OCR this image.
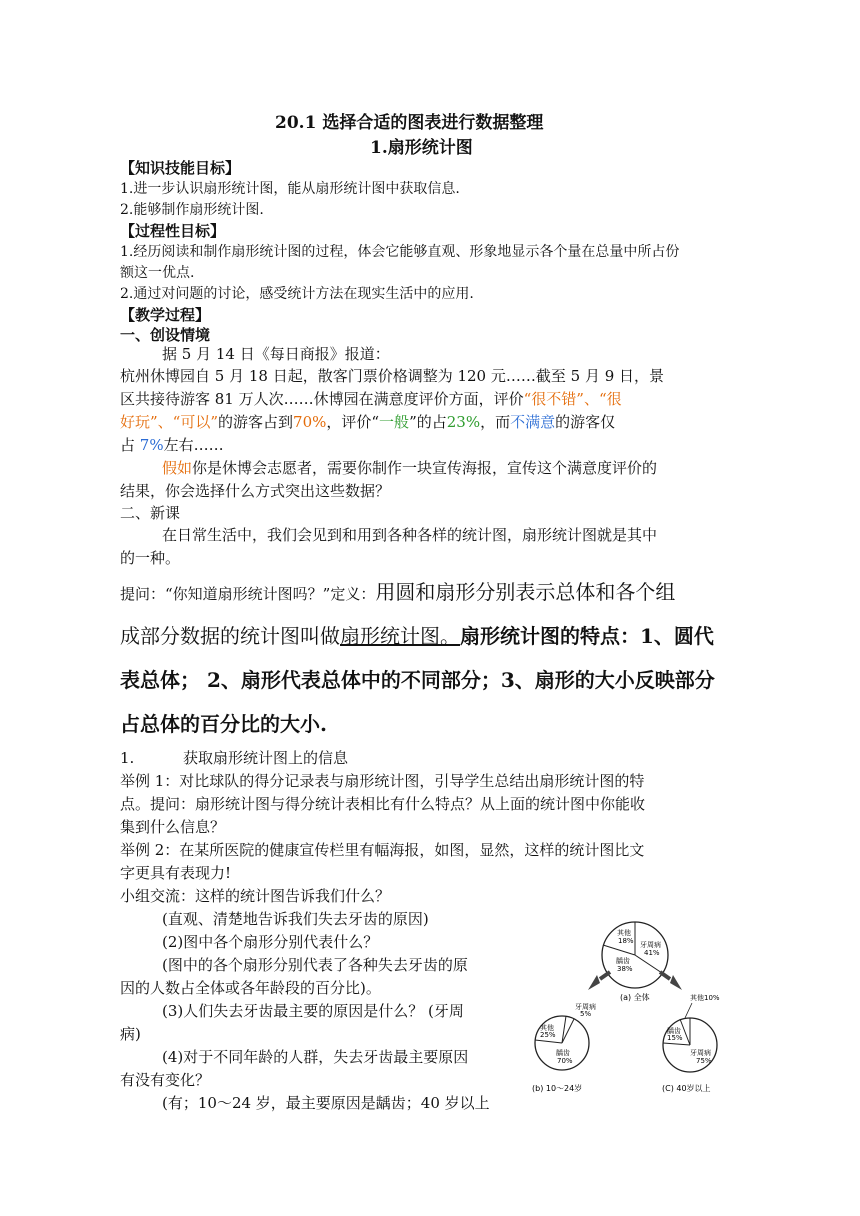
20.1 选择合适的图表进行数据整理
1.扇形统计图
【知识技能目标】
1.进一步认识扇形统计图，能从扇形统计图中获取信息.
2.能够制作扇形统计图.
【过程性目标】
1.经历阅读和制作扇形统计图的过程，体会它能够直观、形象地显示各个量在总量中所占份
额这一优点.
2.通过对问题的讨论，感受统计方法在现实生活中的应用.
【教学过程】
一、创设情境
据 5 月 14 日《每日商报》报道：
杭州休博园自 5 月 18 日起，散客门票价格调整为 120 元……截至 5 月 9 日，景
区共接待游客 81 万人次……休博园在满意度评价方面，评价“很不错”、“很
好玩”、“可以”的游客占到70%，评价“一般”的占23%，而不满意的游客仅
占 7%左右……
假如你是休博会志愿者，需要你制作一块宣传海报，宣传这个满意度评价的
结果，你会选择什么方式突出这些数据？
二、新课
在日常生活中，我们会见到和用到各种各样的统计图，扇形统计图就是其中
的一种。
提问：“你知道扇形统计图吗？”定义：用圆和扇形分别表示总体和各个组
成部分数据的统计图叫做扇形统计图。扇形统计图的特点：1、圆代
表总体； 2、扇形代表总体中的不同部分；3、扇形的大小反映部分
占总体的百分比的大小.
1.	获取扇形统计图上的信息
举例 1：对比球队的得分记录表与扇形统计图，引导学生总结出扇形统计图的特
点。提问：扇形统计图与得分统计表相比有什么特点？从上面的统计图中你能收
集到什么信息？
举例 2：在某所医院的健康宣传栏里有幅海报，如图，显然，这样的统计图比文
字更具有表现力!
小组交流：这样的统计图告诉我们什么？
(直观、清楚地告诉我们失去牙齿的原因)
(2)图中各个扇形分别代表什么？
(图中的各个扇形分别代表了各种失去牙齿的原
因的人数占全体或各年龄段的百分比)。
(3)人们失去牙齿最主要的原因是什么？ (牙周
病)
(4)对于不同年龄的人群，失去牙齿最主要原因
有没有变化？
(有；10～24 岁，最主要原因是龋齿；40 岁以上
其他
18% 牙周病
41%
龋齿
38%
(a) 全体
牙周病
5%
其他
25%
龋齿
70%
(b) 10～24岁
其他10%
龋齿
15%
牙周病
75%
(C) 40岁以上
